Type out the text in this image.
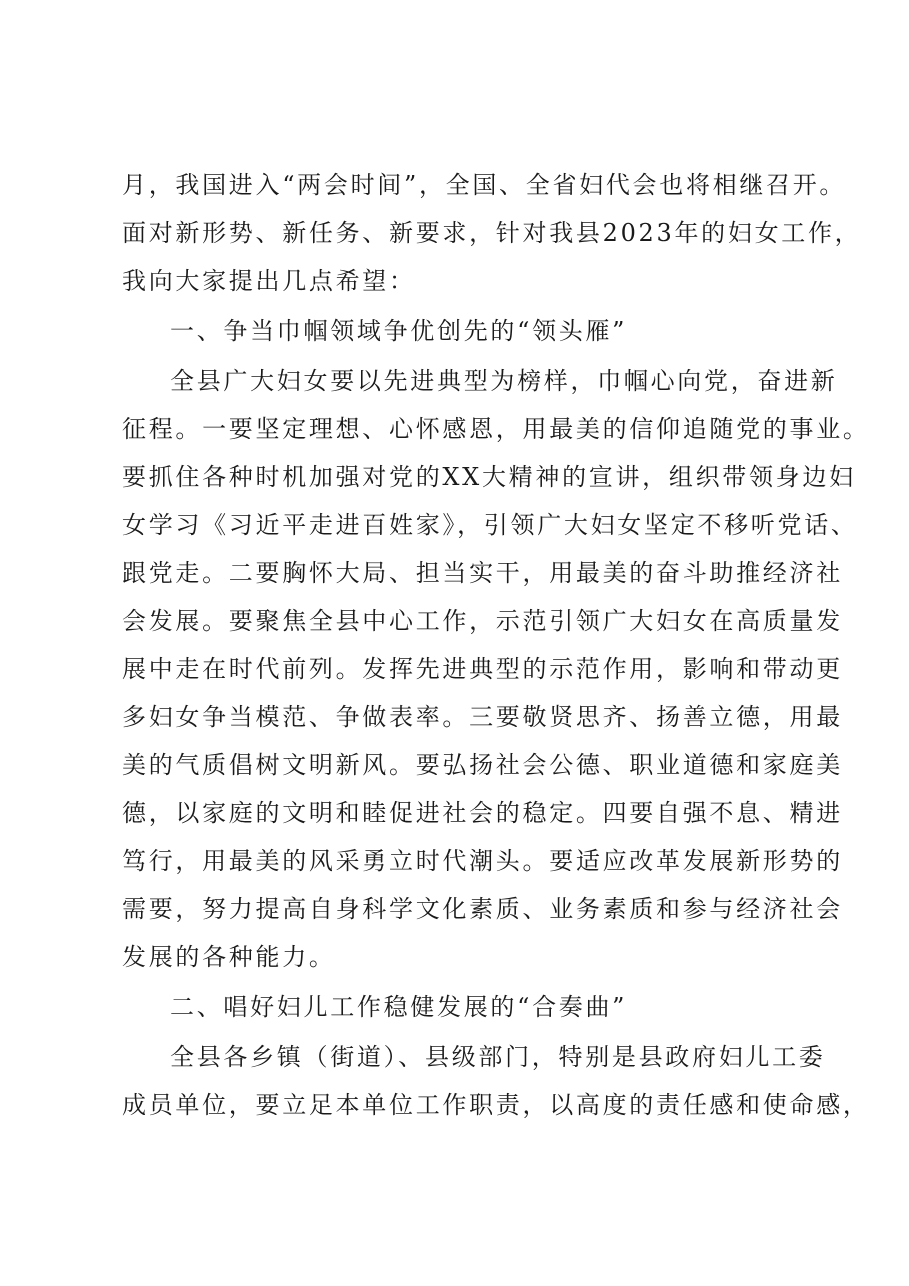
月，我国进入“两会时间”，全国、全省妇代会也将相继召开。
面对新形势、新任务、新要求，针对我县2023年的妇女工作，
我向大家提出几点希望：
一、争当巾帼领域争优创先的“领头雁”
全县广大妇女要以先进典型为榜样，巾帼心向党，奋进新
征程。一要坚定理想、心怀感恩，用最美的信仰追随党的事业。
要抓住各种时机加强对党的XX大精神的宣讲，组织带领身边妇
女学习《习近平走进百姓家》，引领广大妇女坚定不移听党话、
跟党走。二要胸怀大局、担当实干，用最美的奋斗助推经济社
会发展。要聚焦全县中心工作，示范引领广大妇女在高质量发
展中走在时代前列。发挥先进典型的示范作用，影响和带动更
多妇女争当模范、争做表率。三要敬贤思齐、扬善立德，用最
美的气质倡树文明新风。要弘扬社会公德、职业道德和家庭美
德，以家庭的文明和睦促进社会的稳定。四要自强不息、精进
笃行，用最美的风采勇立时代潮头。要适应改革发展新形势的
需要，努力提高自身科学文化素质、业务素质和参与经济社会
发展的各种能力。
二、唱好妇儿工作稳健发展的“合奏曲”
全县各乡镇（街道）、县级部门，特别是县政府妇儿工委
成员单位，要立足本单位工作职责，以高度的责任感和使命感，
